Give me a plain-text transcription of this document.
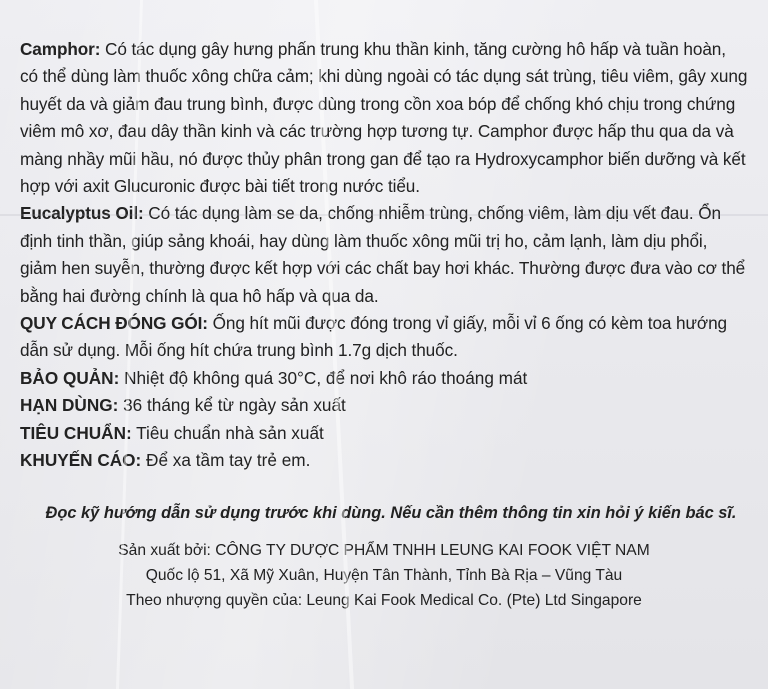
Camphor: Có tác dụng gây hưng phấn trung khu thần kinh, tăng cường hô hấp và tuần hoàn, có thể dùng làm thuốc xông chữa cảm; khi dùng ngoài có tác dụng sát trùng, tiêu viêm, gây xung huyết da và giảm đau trung bình, được dùng trong cồn xoa bóp để chống khó chịu trong chứng viêm mô xơ, đau dây thần kinh và các trường hợp tương tự. Camphor được hấp thu qua da và màng nhầy mũi hầu, nó được thủy phân trong gan để tạo ra Hydroxycamphor biến dưỡng và kết hợp với axit Glucuronic được bài tiết trong nước tiểu.

Eucalyptus Oil: Có tác dụng làm se da, chống nhiễm trùng, chống viêm, làm dịu vết đau. Ổn định tinh thần, giúp sảng khoái, hay dùng làm thuốc xông mũi trị ho, cảm lạnh, làm dịu phổi, giảm hen suyễn, thường được kết hợp với các chất bay hơi khác. Thường được đưa vào cơ thể bằng hai đường chính là qua hô hấp và qua da.

QUY CÁCH ĐÓNG GÓI: Ống hít mũi được đóng trong vỉ giấy, mỗi vỉ 6 ống có kèm toa hướng dẫn sử dụng. Mỗi ống hít chứa trung bình 1.7g dịch thuốc.

BẢO QUẢN: Nhiệt độ không quá 30°C, để nơi khô ráo thoáng mát

HẠN DÙNG: 36 tháng kể từ ngày sản xuất

TIÊU CHUẨN: Tiêu chuẩn nhà sản xuất

KHUYẾN CÁO: Để xa tầm tay trẻ em.

Đọc kỹ hướng dẫn sử dụng trước khi dùng. Nếu cần thêm thông tin xin hỏi ý kiến bác sĩ.

Sản xuất bởi: CÔNG TY DƯỢC PHẨM TNHH LEUNG KAI FOOK VIỆT NAM
Quốc lộ 51, Xã Mỹ Xuân, Huyện Tân Thành, Tỉnh Bà Rịa – Vũng Tàu
Theo nhượng quyền của: Leung Kai Fook Medical Co. (Pte) Ltd Singapore
